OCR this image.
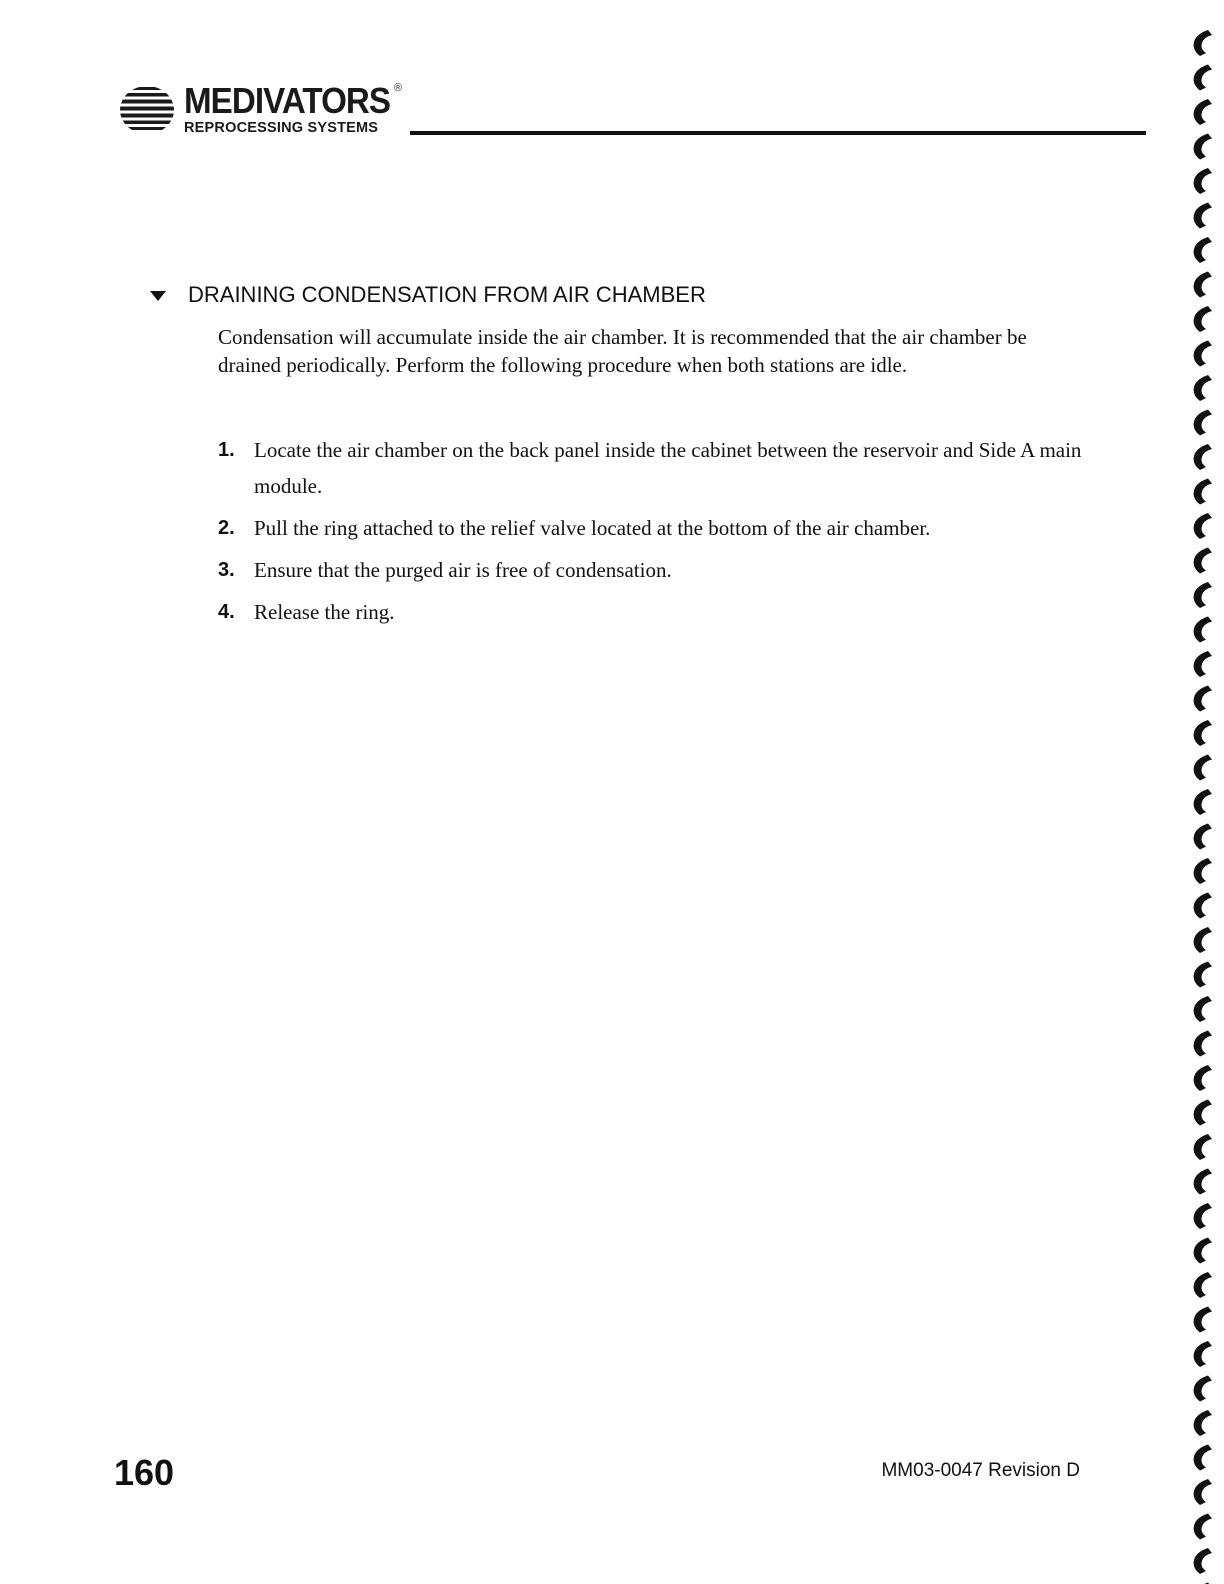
MEDIVATORS ®
REPROCESSING SYSTEMS
DRAINING CONDENSATION FROM AIR CHAMBER

Condensation will accumulate inside the air chamber. It is recommended that the air chamber be drained periodically. Perform the following procedure when both stations are idle.

1. Locate the air chamber on the back panel inside the cabinet between the reservoir and Side A main module.
2. Pull the ring attached to the relief valve located at the bottom of the air chamber.
3. Ensure that the purged air is free of condensation.
4. Release the ring.
160	MM03-0047 Revision D
